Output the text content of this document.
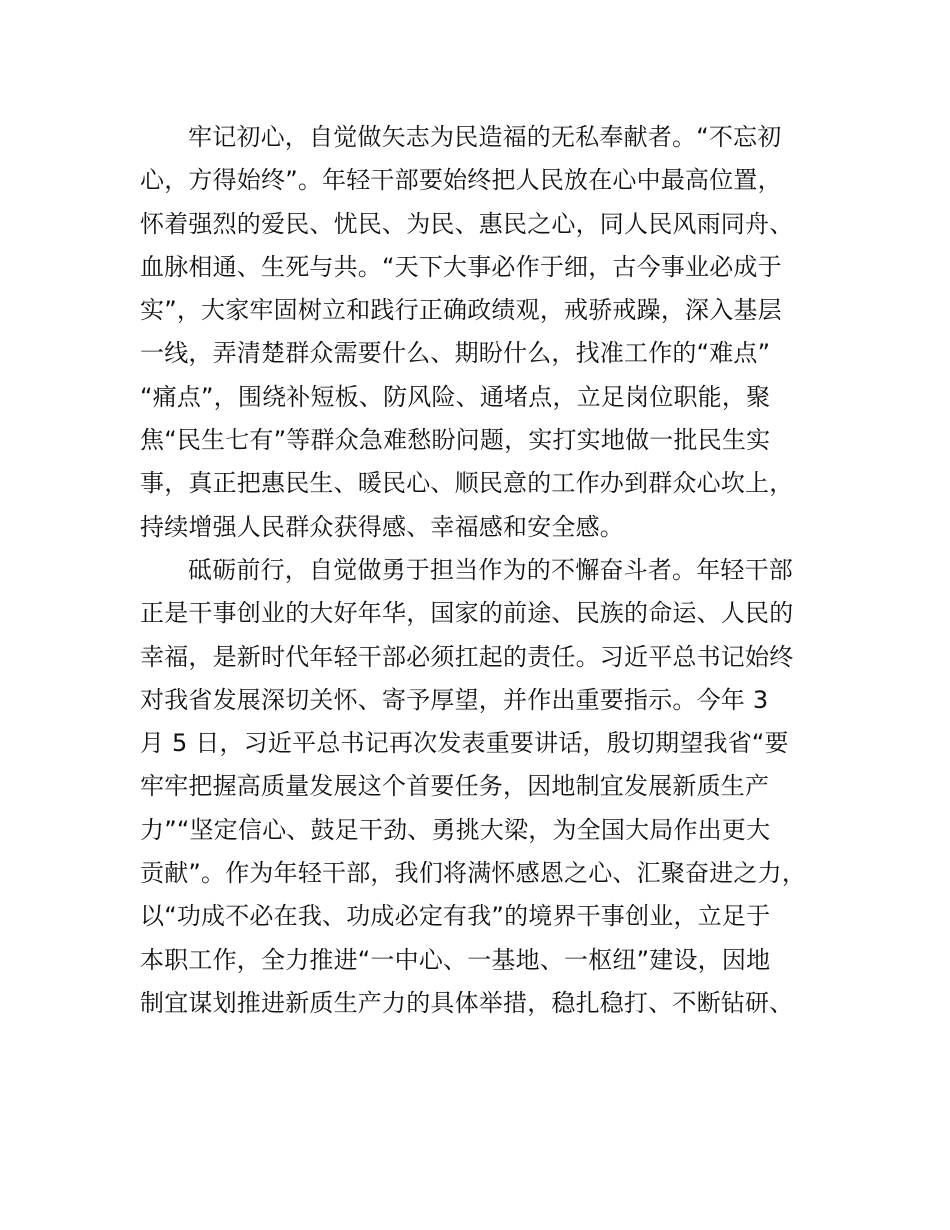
牢记初心，自觉做矢志为民造福的无私奉献者。“不忘初
心，方得始终”。年轻干部要始终把人民放在心中最高位置，
怀着强烈的爱民、忧民、为民、惠民之心，同人民风雨同舟、
血脉相通、生死与共。“天下大事必作于细，古今事业必成于
实”，大家牢固树立和践行正确政绩观，戒骄戒躁，深入基层
一线，弄清楚群众需要什么、期盼什么，找准工作的“难点”
“痛点”，围绕补短板、防风险、通堵点，立足岗位职能，聚
焦“民生七有”等群众急难愁盼问题，实打实地做一批民生实
事，真正把惠民生、暖民心、顺民意的工作办到群众心坎上，
持续增强人民群众获得感、幸福感和安全感。

砥砺前行，自觉做勇于担当作为的不懈奋斗者。年轻干部
正是干事创业的大好年华，国家的前途、民族的命运、人民的
幸福，是新时代年轻干部必须扛起的责任。习近平总书记始终
对我省发展深切关怀、寄予厚望，并作出重要指示。今年 3
月 5 日，习近平总书记再次发表重要讲话，殷切期望我省“要
牢牢把握高质量发展这个首要任务，因地制宜发展新质生产
力”“坚定信心、鼓足干劲、勇挑大梁，为全国大局作出更大
贡献”。作为年轻干部，我们将满怀感恩之心、汇聚奋进之力，
以“功成不必在我、功成必定有我”的境界干事创业，立足于
本职工作，全力推进“一中心、一基地、一枢纽”建设，因地
制宜谋划推进新质生产力的具体举措，稳扎稳打、不断钻研、
